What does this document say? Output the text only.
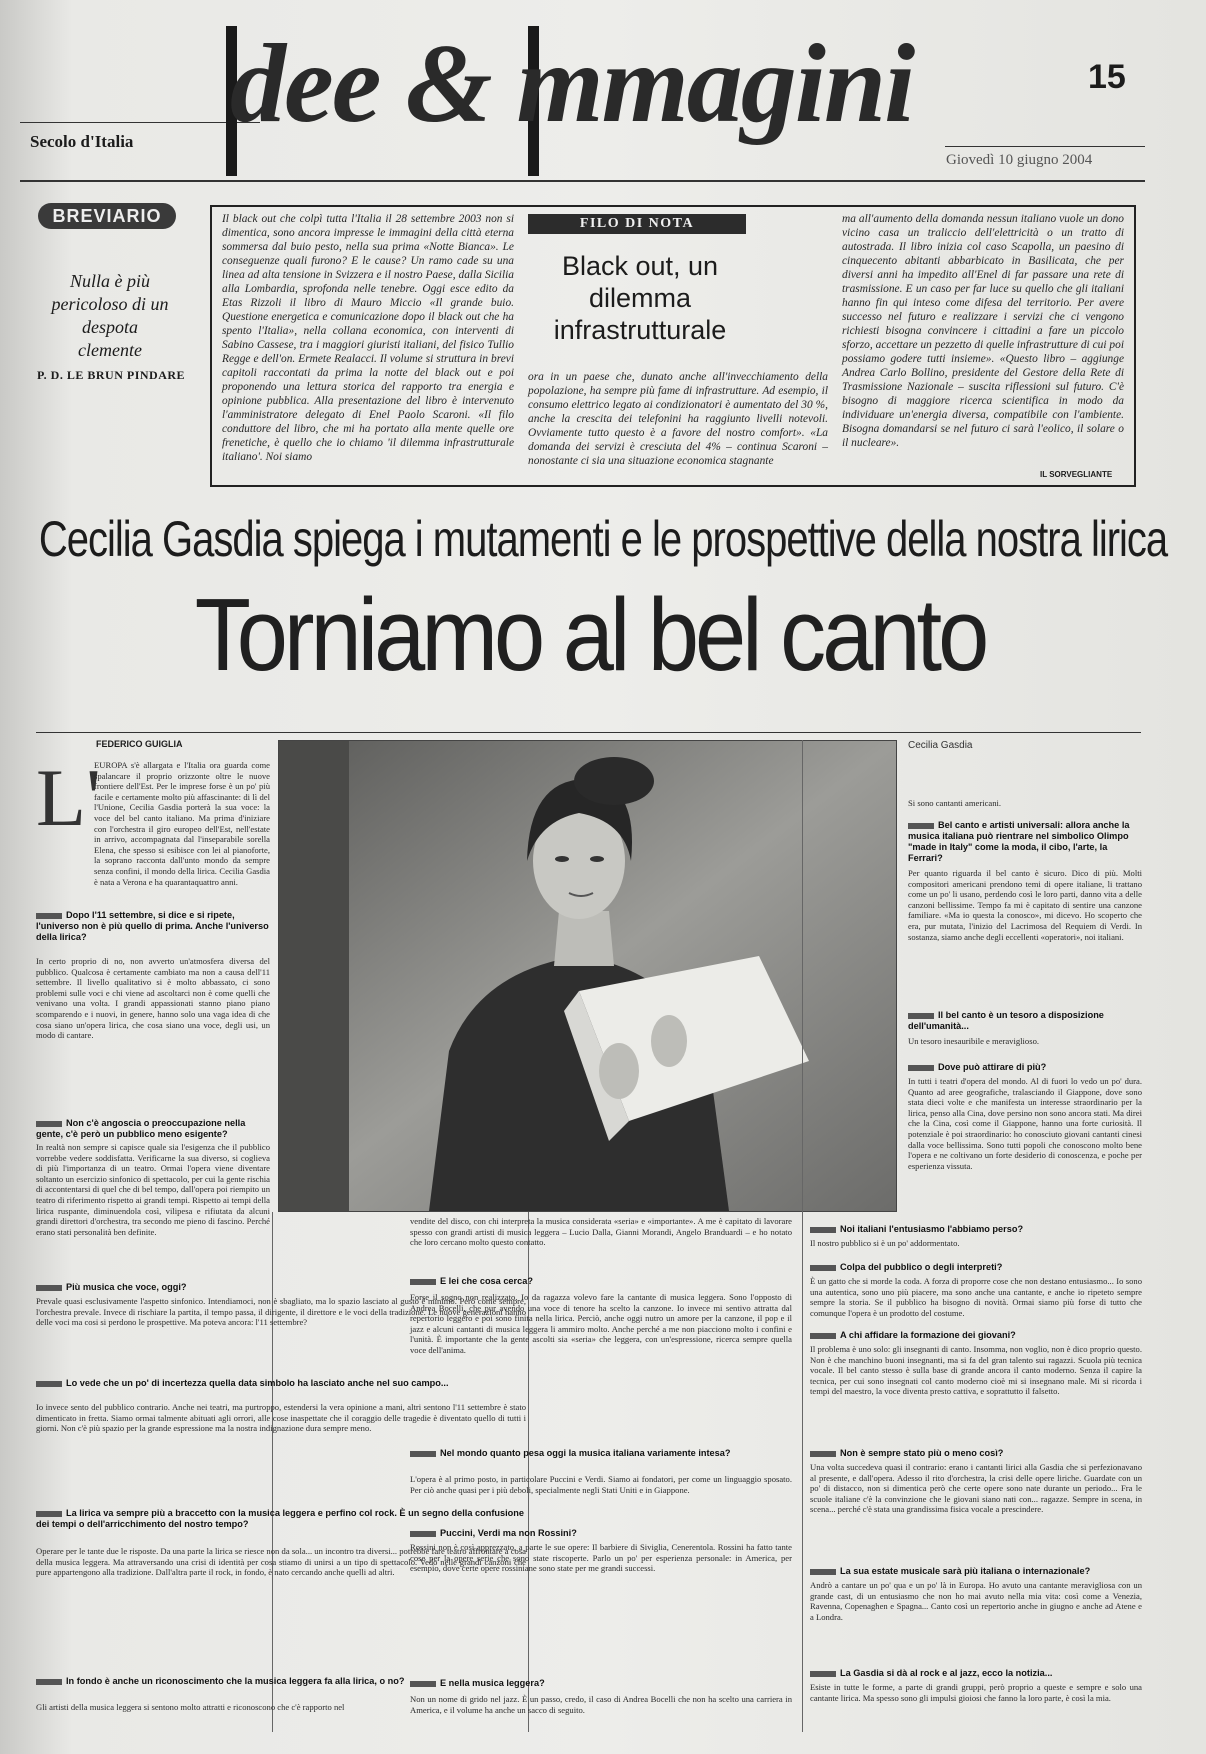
Secolo d'Italia dee & mmagini	15
Giovedì 10 giugno 2004
BREVIARIO
Nulla è più pericoloso di un despota clemente
P. D. LE BRUN PINDARE
Il black out che colpì tutta l'Italia il 28 settembre 2003 non si dimentica, sono ancora impresse le immagini della città eterna sommersa dal buio pesto, nella sua prima «Notte Bianca». Le conseguenze quali furono? E le cause? Un ramo cade su una linea ad alta tensione in Svizzera e il nostro Paese, dalla Sicilia alla Lombardia, sprofonda nelle tenebre. Oggi esce edito da Etas Rizzoli il libro di Mauro Miccio «Il grande buio. Questione energetica e comunicazione dopo il black out che ha spento l'Italia», nella collana economica, con interventi di Sabino Cassese, tra i maggiori giuristi italiani, del fisico Tullio Regge e dell'on. Ermete Realacci. Il volume si struttura in brevi capitoli raccontati da prima la notte del black out e poi proponendo una lettura storica del rapporto tra energia e opinione pubblica. Alla presentazione del libro è intervenuto l'amministratore delegato di Enel Paolo Scaroni. «Il filo conduttore del libro, che mi ha portato alla mente quelle ore frenetiche, è quello che io chiamo 'il dilemma infrastrutturale italiano'. Noi siamo
FILO DI NOTA
Black out, un dilemma infrastrutturale
ora in un paese che, dunato anche all'invecchiamento della popolazione, ha sempre più fame di infrastrutture. Ad esempio, il consumo elettrico legato ai condizionatori è aumentato del 30 %, anche la crescita dei telefonini ha raggiunto livelli notevoli. Ovviamente tutto questo è a favore del nostro comfort». «La domanda dei servizi è cresciuta del 4% – continua Scaroni – nonostante ci sia una situazione economica stagnante
ma all'aumento della domanda nessun italiano vuole un dono vicino casa un traliccio dell'elettricità o un tratto di autostrada. Il libro inizia col caso Scapolla, un paesino di cinquecento abitanti abbarbicato in Basilicata, che per diversi anni ha impedito all'Enel di far passare una rete di trasmissione. E un caso per far luce su quello che gli italiani hanno fin qui inteso come difesa del territorio. Per avere successo nel futuro e realizzare i servizi che ci vengono richiesti bisogna convincere i cittadini a fare un piccolo sforzo, accettare un pezzetto di quelle infrastrutture di cui poi possiamo godere tutti insieme». «Questo libro – aggiunge Andrea Carlo Bollino, presidente del Gestore della Rete di Trasmissione Nazionale – suscita riflessioni sul futuro. C'è bisogno di maggiore ricerca scientifica in modo da individuare un'energia diversa, compatibile con l'ambiente. Bisogna domandarsi se nel futuro ci sarà l'eolico, il solare o il nucleare».
IL SORVEGLIANTE
Cecilia Gasdia spiega i mutamenti e le prospettive della nostra lirica
Torniamo al bel canto
FEDERICO GUIGLIA	Cecilia Gasdia
L'
EUROPA s'è allargata e l'Italia ora guarda come spalancare il proprio orizzonte oltre le nuove frontiere dell'Est. Per le imprese forse è un po' più facile e certamente molto più affascinante: di lì del l'Unione, Cecilia Gasdia porterà la sua voce: la voce del bel canto italiano. Ma prima d'iniziare con l'orchestra il giro europeo dell'Est, nell'estate in arrivo, accompagnata dal l'inseparabile sorella Elena, che spesso si esibisce con lei al pianoforte, la soprano racconta dall'unto mondo da sempre senza confini, il mondo della lirica. Cecilia Gasdia è nata a Verona e ha quarantaquattro anni.
Dopo l'11 settembre, si dice e si ripete, l'universo non è più quello di prima. Anche l'universo della lirica?
In certo proprio di no, non avverto un'atmosfera diversa del pubblico. Qualcosa è certamente cambiato ma non a causa dell'11 settembre. Il livello qualitativo si è molto abbassato, ci sono problemi sulle voci e chi viene ad ascoltarci non è come quelli che venivano una volta. I grandi appassionati stanno piano piano scomparendo e i nuovi, in genere, hanno solo una vaga idea di che cosa siano un'opera lirica, che cosa siano una voce, degli usi, un modo di cantare.
Non c'è angoscia o preoccupazione nella gente, c'è però un pubblico meno esigente?
In realtà non sempre si capisce quale sia l'esigenza che il pubblico vorrebbe vedere soddisfatta. Verificarne la sua diverso, si coglieva di più l'importanza di un teatro. Ormai l'opera viene diventare soltanto un esercizio sinfonico di spettacolo, per cui la gente rischia di accontentarsi di quel che di bel tempo, dall'opera poi riempito un teatro di riferimento rispetto ai grandi tempi. Rispetto ai tempi della lirica ruspante, diminuendola così, vilipesa e rifiutata da alcuni grandi direttori d'orchestra, tra secondo me pieno di fascino. Perché erano stati personalità ben definite.
Più musica che voce, oggi?
Prevale quasi esclusivamente l'aspetto sinfonico. Intendiamoci, non è sbagliato, ma lo spazio lasciato al gusto è minimo. Però come sempre, l'orchestra prevale. Invece di rischiare la partita, il tempo passa, il dirigente, il direttore e le voci della tradizione. Le nuove generazioni hanno delle voci ma cosi si perdono le prospettive. Ma poteva ancora: l'11 settembre?
Lo vede che un po' di incertezza quella data simbolo ha lasciato anche nel suo campo...
Io invece sento del pubblico contrario. Anche nei teatri, ma purtroppo, estendersi la vera opinione a mani, altri sentono l'11 settembre è stato dimenticato in fretta. Siamo ormai talmente abituati agli orrori, alle cose inaspettate che il coraggio delle tragedie è diventato quello di tutti i giorni. Non c'è più spazio per la grande espressione ma la nostra indignazione dura sempre meno.
La lirica va sempre più a braccetto con la musica leggera e perfino col rock. È un segno della confusione dei tempi o dell'arricchimento del nostro tempo?
Operare per le tante due le risposte. Da una parte la lirica se riesce non da sola... un incontro tra diversi... potrebbe fare teatro affrontare a cosa della musica leggera. Ma attraversando una crisi di identità per cosa stiamo di unirsi a un tipo di spettacolo. Vedo nelle grandi canzoni che pure appartengono alla tradizione. Dall'altra parte il rock, in fondo, è nato cercando anche quelli ad altri.
In fondo è anche un riconoscimento che la musica leggera fa alla lirica, o no?
Gli artisti della musica leggera si sentono molto attratti e riconoscono che c'è rapporto nel
vendite del disco, con chi interpreta la musica considerata «seria» e «importante». A me è capitato di lavorare spesso con grandi artisti di musica leggera – Lucio Dalla, Gianni Morandi, Angelo Branduardi – e ho notato che loro cercano molto questo contatto.
E lei che cosa cerca?
Forse il sogno non realizzato. Io da ragazza volevo fare la cantante di musica leggera. Sono l'opposto di Andrea Bocelli, che pur avendo una voce di tenore ha scelto la canzone. Io invece mi sentivo attratta dal repertorio leggero e poi sono finita nella lirica. Perciò, anche oggi nutro un amore per la canzone, il pop e il jazz e alcuni cantanti di musica leggera li ammiro molto. Anche perché a me non piacciono molto i confini e l'unità. È importante che la gente ascolti sia «seria» che leggera, con un'espressione, ricerca sempre quella voce dell'anima.
Nel mondo quanto pesa oggi la musica italiana variamente intesa?
L'opera è al primo posto, in particolare Puccini e Verdi. Siamo ai fondatori, per come un linguaggio sposato. Per ciò anche quasi per i più deboli, specialmente negli Stati Uniti e in Giappone.
Puccini, Verdi ma non Rossini?
Rossini non è così apprezzato, a parte le sue opere: Il barbiere di Siviglia, Cenerentola. Rossini ha fatto tante cose per la opere serie che sono state riscoperte. Parlo un po' per esperienza personale: in America, per esempio, dove certe opere rossiniane sono state per me grandi successi.
E nella musica leggera?
Non un nome di grido nel jazz. È un passo, credo, il caso di Andrea Bocelli che non ha scelto una carriera in America, e il volume ha anche un sacco di seguito.
Si sono cantanti americani.
Bel canto e artisti universali: allora anche la musica italiana può rientrare nel simbolico Olimpo "made in Italy" come la moda, il cibo, l'arte, la Ferrari?
Per quanto riguarda il bel canto è sicuro. Dico di più. Molti compositori americani prendono temi di opere italiane, li trattano come un po' li usano, perdendo così le loro parti, danno vita a delle canzoni bellissime. Tempo fa mi è capitato di sentire una canzone familiare. «Ma io questa la conosco», mi dicevo. Ho scoperto che era, pur mutata, l'inizio del Lacrimosa del Requiem di Verdi. In sostanza, siamo anche degli eccellenti «operatori», noi italiani.
Il bel canto è un tesoro a disposizione dell'umanità...
Un tesoro inesauribile e meraviglioso.
Dove può attirare di più?
In tutti i teatri d'opera del mondo. Al di fuori lo vedo un po' dura. Quanto ad aree geografiche, tralasciando il Giappone, dove sono stata dieci volte e che manifesta un interesse straordinario per la lirica, penso alla Cina, dove persino non sono ancora stati. Ma direi che la Cina, così come il Giappone, hanno una forte curiosità. Il potenziale è poi straordinario: ho conosciuto giovani cantanti cinesi dalla voce bellissima. Sono tutti popoli che conoscono molto bene l'opera e ne coltivano un forte desiderio di conoscenza, e poche per esperienza vissuta.
Noi italiani l'entusiasmo l'abbiamo perso?
Il nostro pubblico si è un po' addormentato.
Colpa del pubblico o degli interpreti?
È un gatto che si morde la coda. A forza di proporre cose che non destano entusiasmo... Io sono una autentica, sono uno più piacere, ma sono anche una cantante, e anche io ripeteto sempre sempre la storia. Se il pubblico ha bisogno di novità. Ormai siamo più forse di tutto che comunque l'opera è un prodotto del costume.
A chi affidare la formazione dei giovani?
Il problema è uno solo: gli insegnanti di canto. Insomma, non voglio, non è dico proprio questo. Non è che manchino buoni insegnanti, ma si fa del gran talento sui ragazzi. Scuola più tecnica vocale. Il bel canto stesso è sulla base di grande ancora il canto moderno. Senza il capire la tecnica, per cui sono insegnati col canto moderno cioè mi si insegnano male. Mi si ricorda i tempi del maestro, la voce diventa presto cattiva, e soprattutto il falsetto.
Non è sempre stato più o meno così?
Una volta succedeva quasi il contrario: erano i cantanti lirici alla Gasdia che si perfezionavano al presente, e dall'opera. Adesso il rito d'orchestra, la crisi delle opere liriche. Guardate con un po' di distacco, non si dimentica però che certe opere sono nate durante un periodo... Fra le scuole italiane c'è la convinzione che le giovani siano nati con... ragazze. Sempre in scena, in scena... perché c'è stata una grandissima fisica vocale a prescindere.
La sua estate musicale sarà più italiana o internazionale?
Andrò a cantare un po' qua e un po' là in Europa. Ho avuto una cantante meravigliosa con un grande cast, di un entusiasmo che non ho mai avuto nella mia vita: così come a Venezia, Ravenna, Copenaghen e Spagna... Canto così un repertorio anche in giugno e anche ad Atene e a Londra.
La Gasdia si dà al rock e al jazz, ecco la notizia...
Esiste in tutte le forme, a parte di grandi gruppi, però proprio a queste e sempre e solo una cantante lirica. Ma spesso sono gli impulsi gioiosi che fanno la loro parte, è così la mia.
